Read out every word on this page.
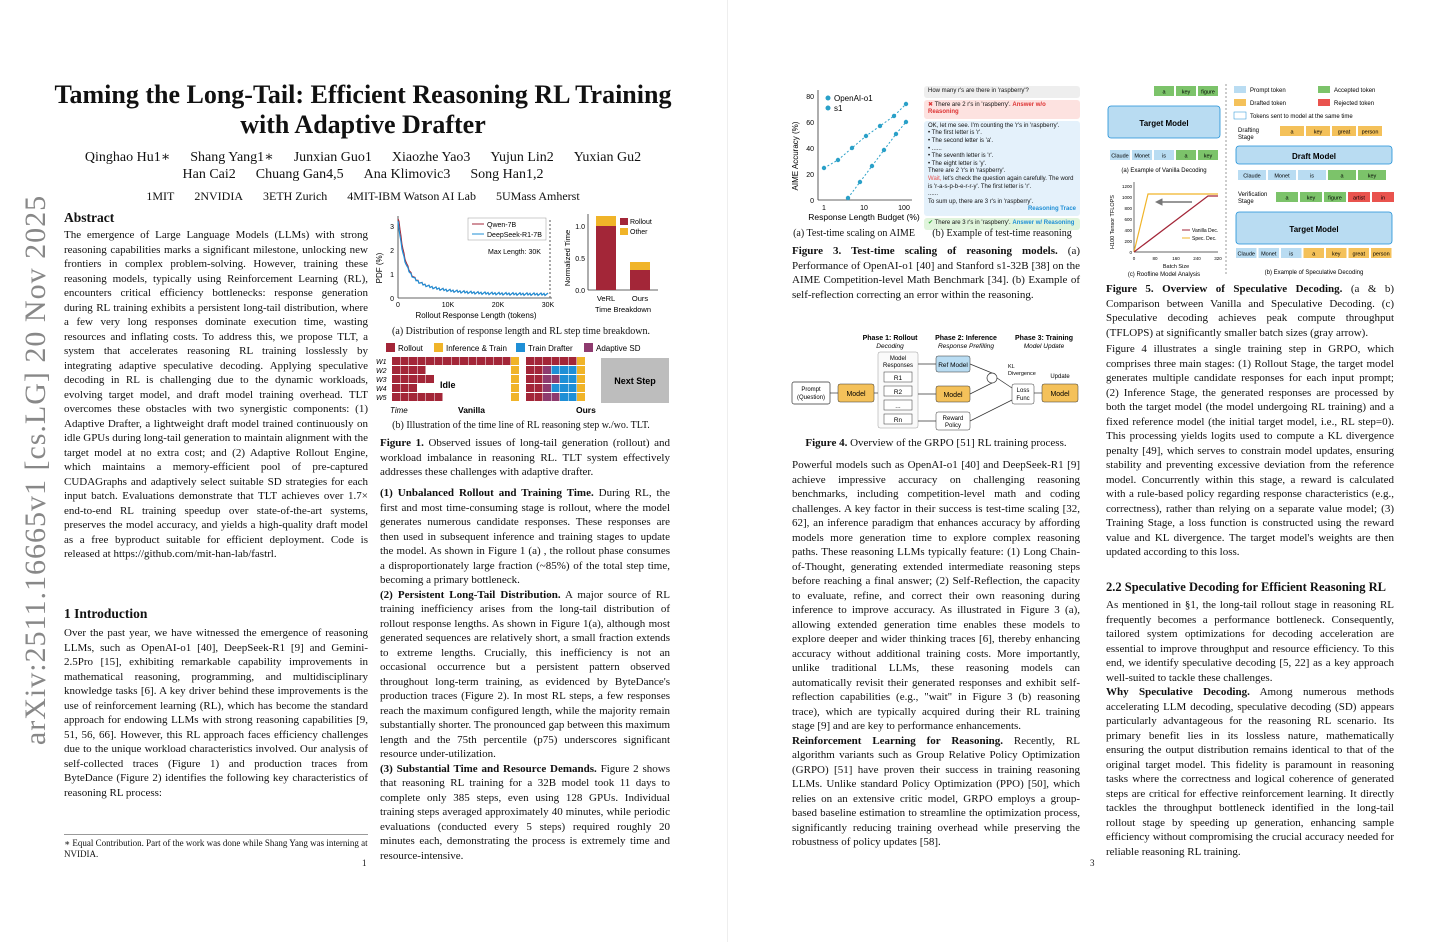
arXiv:2511.16665v1 [cs.LG] 20 Nov 2025
Taming the Long-Tail: Efficient Reasoning RL Training with Adaptive Drafter
Qinghao Hu1∗ Shang Yang1∗ Junxian Guo1 Xiaozhe Yao3 Yujun Lin2 Yuxian Gu2
Han Cai2 Chuang Gan4,5 Ana Klimovic3 Song Han1,2
1MIT 2NVIDIA 3ETH Zurich 4MIT-IBM Watson AI Lab 5UMass Amherst
Abstract
The emergence of Large Language Models (LLMs) with strong reasoning capabilities marks a significant milestone, unlocking new frontiers in complex problem-solving. However, training these reasoning models, typically using Reinforcement Learning (RL), encounters critical efficiency bottlenecks: response generation during RL training exhibits a persistent long-tail distribution, where a few very long responses dominate execution time, wasting resources and inflating costs. To address this, we propose TLT, a system that accelerates reasoning RL training losslessly by integrating adaptive speculative decoding. Applying speculative decoding in RL is challenging due to the dynamic workloads, evolving target model, and draft model training overhead. TLT overcomes these obstacles with two synergistic components: (1) Adaptive Drafter, a lightweight draft model trained continuously on idle GPUs during long-tail generation to maintain alignment with the target model at no extra cost; and (2) Adaptive Rollout Engine, which maintains a memory-efficient pool of pre-captured CUDAGraphs and adaptively select suitable SD strategies for each input batch. Evaluations demonstrate that TLT achieves over 1.7× end-to-end RL training speedup over state-of-the-art systems, preserves the model accuracy, and yields a high-quality draft model as a free byproduct suitable for efficient deployment. Code is released at https://github.com/mit-han-lab/fastrl.
1 Introduction
Over the past year, we have witnessed the emergence of reasoning LLMs, such as OpenAI-o1 [40], DeepSeek-R1 [9] and Gemini-2.5Pro [15], exhibiting remarkable capability improvements in mathematical reasoning, programming, and multidisciplinary knowledge tasks [6]. A key driver behind these improvements is the use of reinforcement learning (RL), which has become the standard approach for endowing LLMs with strong reasoning capabilities [9, 51, 56, 66]. However, this RL approach faces efficiency challenges due to the unique workload characteristics involved. Our analysis of self-collected traces (Figure 1) and production traces from ByteDance (Figure 2) identifies the following key characteristics of reasoning RL process:
∗ Equal Contribution. Part of the work was done while Shang Yang was interning at NVIDIA.
1
PDF (%)
0
1
2
3
0	10K	20K	30K
Max Length: 30K
Qwen-7B
DeepSeek-R1-7B
Rollout Response Length (tokens)
Normalized Time
0.0
0.5
1.0
Rollout
Other
VeRL Ours
Time Breakdown
(a) Distribution of response length and RL step time breakdown.
Rollout	Inference & Train	Train Drafter	Adaptive SD
W1
W2
W3
W4
W5
Idle	Next Step
Time	Vanilla	Ours
(b) Illustration of the time line of RL reasoning step w./wo. TLT.
Figure 1. Observed issues of long-tail generation (rollout) and workload imbalance in reasoning RL. TLT system effectively addresses these challenges with adaptive drafter.
(1) Unbalanced Rollout and Training Time. During RL, the first and most time-consuming stage is rollout, where the model generates numerous candidate responses. These responses are then used in subsequent inference and training stages to update the model. As shown in Figure 1 (a) , the rollout phase consumes a disproportionately large fraction (~85%) of the total step time, becoming a primary bottleneck.
(2) Persistent Long-Tail Distribution. A major source of RL training inefficiency arises from the long-tail distribution of rollout response lengths. As shown in Figure 1(a), although most generated sequences are relatively short, a small fraction extends to extreme lengths. Crucially, this inefficiency is not an occasional occurrence but a persistent pattern observed throughout long-term training, as evidenced by ByteDance's production traces (Figure 2). In most RL steps, a few responses reach the maximum configured length, while the majority remain substantially shorter. The pronounced gap between this maximum length and the 75th percentile (p75) underscores significant resource under-utilization.
(3) Substantial Time and Resource Demands. Figure 2 shows that reasoning RL training for a 32B model took 11 days to complete only 385 steps, even using 128 GPUs. Individual training steps averaged approximately 40 minutes, while periodic evaluations (conducted every 5 steps) required roughly 20 minutes each, demonstrating the process is extremely time and resource-intensive.
AIME Accuracy (%)
0
20
40
60
80
1	10	100
OpenAI-o1
s1
Response Length Budget (%)
(a) Test-time scaling on AIME
How many r's are there in 'raspberry'?
✖ There are 2 r's in 'raspberry'. Answer w/o Reasoning
OK, let me see. I'm counting the 'r's in 'raspberry'.
• The first letter is 'r'.
• The second letter is 'a'.
• ......
• The seventh letter is 'r'.
• The eight letter is 'y'.
There are 2 'r's in 'raspberry'.
Wait, let's check the question again carefully. The word is 'r-a-s-p-b-e-r-r-y'. The first letter is 'r'.
......
To sum up, there are 3 r's in 'raspberry'.
Reasoning Trace
✔ There are 3 r's in 'raspberry'. Answer w/ Reasoning
(b) Example of test-time reasoning
Figure 3. Test-time scaling of reasoning models. (a) Performance of OpenAI-o1 [40] and Stanford s1-32B [38] on the AIME Competition-level Math Benchmark [34]. (b) Example of self-reflection correcting an error within the reasoning.
Phase 1: Rollout
Decoding
Phase 2: Inference
Response Prefilling
Phase 3: Training
Model Update
Prompt
(Question)	Model
Model
Responses
R1
R2
...
Rn
Ref Model
Model
Reward
Policy
KL
Divergence
Loss
Func
Model
Update
Figure 4. Overview of the GRPO [51] RL training process.
Powerful models such as OpenAI-o1 [40] and DeepSeek-R1 [9] achieve impressive accuracy on challenging reasoning benchmarks, including competition-level math and coding challenges. A key factor in their success is test-time scaling [32, 62], an inference paradigm that enhances accuracy by affording models more generation time to explore complex reasoning paths. These reasoning LLMs typically feature: (1) Long Chain-of-Thought, generating extended intermediate reasoning steps before reaching a final answer; (2) Self-Reflection, the capacity to evaluate, refine, and correct their own reasoning during inference to improve accuracy. As illustrated in Figure 3 (a), allowing extended generation time enables these models to explore deeper and wider thinking traces [6], thereby enhancing accuracy without additional training costs. More importantly, unlike traditional LLMs, these reasoning models can automatically revisit their generated responses and exhibit self-reflection capabilities (e.g., "wait" in Figure 3 (b) reasoning trace), which are typically acquired during their RL training stage [9] and are key to performance enhancements.
Reinforcement Learning for Reasoning. Recently, RL algorithm variants such as Group Relative Policy Optimization (GRPO) [51] have proven their success in training reasoning LLMs. Unlike standard Policy Optimization (PPO) [50], which relies on an extensive critic model, GRPO employs a group-based baseline estimation to streamline the optimization process, significantly reducing training overhead while preserving the robustness of policy updates [58].
3
a	key figure
Target Model
Claude Monet is	a	key
(a) Example of Vanilla Decoding
H100 Tensor TFLOPS
0
200
400
600
800
1000
1200
0	80	160	240	320
Vanilla Dec.
Spec. Dec.
Batch Size
(c) Roofline Model Analysis
Prompt token	Accepted token
Drafted token	Rejected token
Tokens sent to model at the same time
Drafting
Stage
a	key	great person
Draft Model
Claude Monet	is	a	key
Verification
Stage
a	key figure artist	in
Target Model
Claude Monet is	a	key great person
(b) Example of Speculative Decoding
Figure 5. Overview of Speculative Decoding. (a & b) Comparison between Vanilla and Speculative Decoding. (c) Speculative decoding achieves peak compute throughput (TFLOPS) at significantly smaller batch sizes (gray arrow).
Figure 4 illustrates a single training step in GRPO, which comprises three main stages: (1) Rollout Stage, the target model generates multiple candidate responses for each input prompt; (2) Inference Stage, the generated responses are processed by both the target model (the model undergoing RL training) and a fixed reference model (the initial target model, i.e., RL step=0). This processing yields logits used to compute a KL divergence penalty [49], which serves to constrain model updates, ensuring stability and preventing excessive deviation from the reference model. Concurrently within this stage, a reward is calculated with a rule-based policy regarding response characteristics (e.g., correctness), rather than relying on a separate value model; (3) Training Stage, a loss function is constructed using the reward value and KL divergence. The target model's weights are then updated according to this loss.
2.2 Speculative Decoding for Efficient Reasoning RL
As mentioned in §1, the long-tail rollout stage in reasoning RL frequently becomes a performance bottleneck. Consequently, tailored system optimizations for decoding acceleration are essential to improve throughput and resource efficiency. To this end, we identify speculative decoding [5, 22] as a key approach well-suited to tackle these challenges.
Why Speculative Decoding. Among numerous methods accelerating LLM decoding, speculative decoding (SD) appears particularly advantageous for the reasoning RL scenario. Its primary benefit lies in its lossless nature, mathematically ensuring the output distribution remains identical to that of the original target model. This fidelity is paramount in reasoning tasks where the correctness and logical coherence of generated steps are critical for effective reinforcement learning. It directly tackles the throughput bottleneck identified in the long-tail rollout stage by speeding up generation, enhancing sample efficiency without compromising the crucial accuracy needed for reliable reasoning RL training.
